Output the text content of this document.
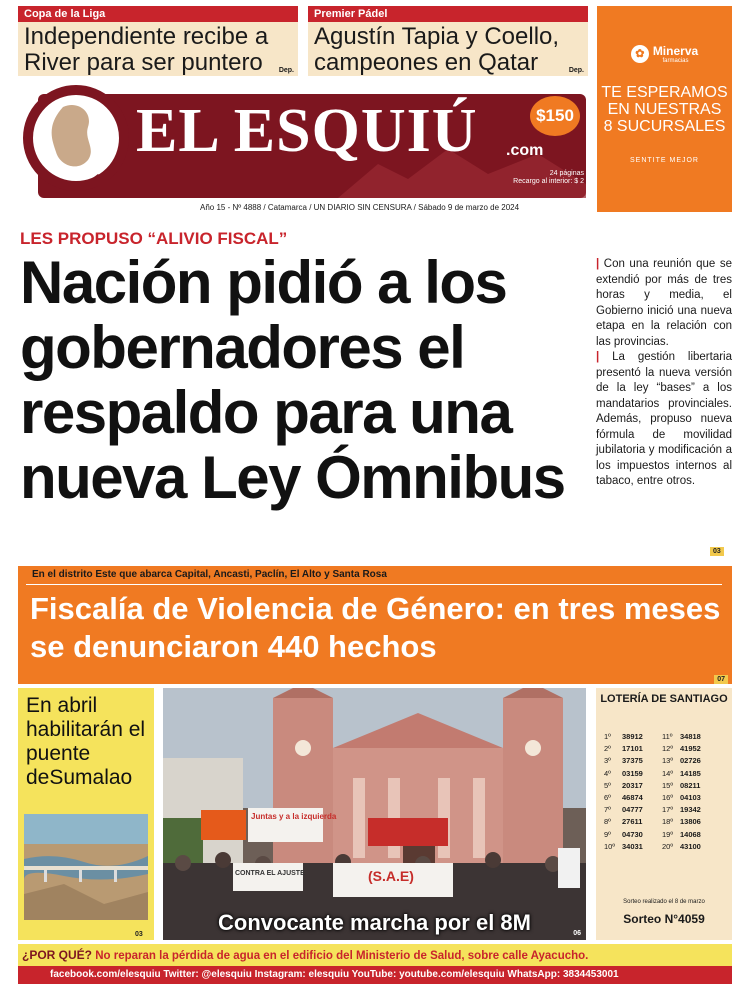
Copa de la Liga
Independiente recibe a River para ser puntero	Dep.
Premier Pádel
Agustín Tapia y Coello, campeones en Qatar	Dep.
✿ Minerva
farmacias
TE ESPERAMOS
EN NUESTRAS
8 SUCURSALES
SENTITE MEJOR
EL ESQUIÚ .com
$150
24 páginas
Recargo al interior: $ 2
Año 15 - Nº 4888 / Catamarca / UN DIARIO SIN CENSURA / Sábado 9 de marzo de 2024
LES PROPUSO “ALIVIO FISCAL”
Nación pidió a los gobernadores el respaldo para una nueva Ley Ómnibus

| Con una reunión que se extendió por más de tres horas y media, el Gobierno inició una nueva etapa en la relación con las provincias.

| La gestión libertaria presentó la nueva versión de la ley “bases” a los mandatarios provinciales. Además, propuso nueva fórmula de movilidad jubilatoria y modificación a los impuestos internos al tabaco, entre otros.

03
En el distrito Este que abarca Capital, Ancasti, Paclín, El Alto y Santa Rosa
Fiscalía de Violencia de Género: en tres meses se denunciaron 440 hechos
07
En abril habilitarán el puente deSumalao
03
Juntas y a la izquierda
CONTRA EL AJUSTE	(S.A.E)
Convocante marcha por el 8M	06
LOTERÍA DE SANTIAGO
1º	38912	11º 34818
2º	17101	12º 41952
3º	37375	13º 02726
4º	03159	14º 14185
5º	20317	15º 08211
6º	46874	16º 04103
7º	04777	17º 19342
8º	27611	18º 13806
9º	04730	19º 14068
10º 34031	20º 43100
Sorteo realizado el 8 de marzo
Sorteo N°4059
¿POR QUÉ? No reparan la pérdida de agua en el edificio del Ministerio de Salud, sobre calle Ayacucho.
facebook.com/elesquiu Twitter: @elesquiu Instagram: elesquiu YouTube: youtube.com/elesquiu WhatsApp: 3834453001
